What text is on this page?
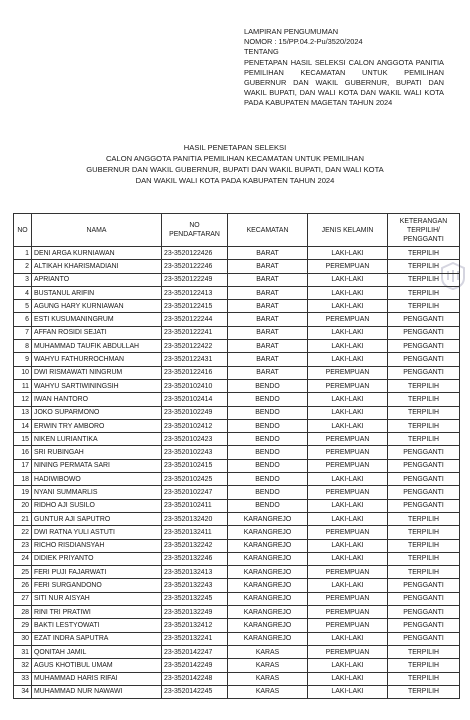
LAMPIRAN PENGUMUMAN
NOMOR : 15/PP.04.2-Pu/3520/2024
TENTANG
PENETAPAN HASIL SELEKSI CALON ANGGOTA PANITIA PEMILIHAN KECAMATAN UNTUK PEMILIHAN GUBERNUR DAN WAKIL GUBERNUR, BUPATI DAN WAKIL BUPATI, DAN WALI KOTA DAN WAKIL WALI KOTA PADA KABUPATEN MAGETAN TAHUN 2024
HASIL PENETAPAN SELEKSI
CALON ANGGOTA PANITIA PEMILIHAN KECAMATAN UNTUK PEMILIHAN
GUBERNUR DAN WAKIL GUBERNUR, BUPATI DAN WAKIL BUPATI, DAN WALI KOTA
DAN WAKIL WALI KOTA PADA KABUPATEN TAHUN 2024
NO	NAMA	NO PENDAFTARAN	KECAMATAN	JENIS KELAMIN	KETERANGAN TERPILIH/ PENGGANTI
1	DENI ARGA KURNIAWAN	23-3520122426	BARAT	LAKI-LAKI	TERPILIH
2	ALTIKAH KHARISMADIANI	23-3520122246	BARAT	PEREMPUAN	TERPILIH
3	APRIANTO	23-3520122249	BARAT	LAKI-LAKI	TERPILIH
4	BUSTANUL ARIFIN	23-3520122413	BARAT	LAKI-LAKI	TERPILIH
5	AGUNG HARY KURNIAWAN	23-3520122415	BARAT	LAKI-LAKI	TERPILIH
6	ESTI KUSUMANINGRUM	23-3520122244	BARAT	PEREMPUAN	PENGGANTI
7	AFFAN ROSIDI SEJATI	23-3520122241	BARAT	LAKI-LAKI	PENGGANTI
8	MUHAMMAD TAUFIK ABDULLAH	23-3520122422	BARAT	LAKI-LAKI	PENGGANTI
9	WAHYU FATHURROCHMAN	23-3520122431	BARAT	LAKI-LAKI	PENGGANTI
10	DWI RISMAWATI NINGRUM	23-3520122416	BARAT	PEREMPUAN	PENGGANTI
11	WAHYU SARTIWININGSIH	23-3520102410	BENDO	PEREMPUAN	TERPILIH
12	IWAN HANTORO	23-3520102414	BENDO	LAKI-LAKI	TERPILIH
13	JOKO SUPARMONO	23-3520102249	BENDO	LAKI-LAKI	TERPILIH
14	ERWIN TRY AMBORO	23-3520102412	BENDO	LAKI-LAKI	TERPILIH
15	NIKEN LURIANTIKA	23-3520102423	BENDO	PEREMPUAN	TERPILIH
16	SRI RUBINGAH	23-3520102243	BENDO	PEREMPUAN	PENGGANTI
17	NINING PERMATA SARI	23-3520102415	BENDO	PEREMPUAN	PENGGANTI
18	HADIWIBOWO	23-3520102425	BENDO	LAKI-LAKI	PENGGANTI
19	NYANI SUMMARLIS	23-3520102247	BENDO	PEREMPUAN	PENGGANTI
20	RIDHO AJI SUSILO	23-3520102411	BENDO	LAKI-LAKI	PENGGANTI
21	GUNTUR AJI SAPUTRO	23-3520132420	KARANGREJO	LAKI-LAKI	TERPILIH
22	DWI RATNA YULI ASTUTI	23-3520132411	KARANGREJO	PEREMPUAN	TERPILIH
23	RICHO RISDIANSYAH	23-3520132242	KARANGREJO	LAKI-LAKI	TERPILIH
24	DIDIEK PRIYANTO	23-3520132246	KARANGREJO	LAKI-LAKI	TERPILIH
25	FERI PUJI FAJARWATI	23-3520132413	KARANGREJO	PEREMPUAN	TERPILIH
26	FERI SURGANDONO	23-3520132243	KARANGREJO	LAKI-LAKI	PENGGANTI
27	SITI NUR AISYAH	23-3520132245	KARANGREJO	PEREMPUAN	PENGGANTI
28	RINI TRI PRATIWI	23-3520132249	KARANGREJO	PEREMPUAN	PENGGANTI
29	BAKTI LESTYOWATI	23-3520132412	KARANGREJO	PEREMPUAN	PENGGANTI
30	EZAT INDRA SAPUTRA	23-3520132241	KARANGREJO	LAKI-LAKI	PENGGANTI
31	QONITAH JAMIL	23-3520142247	KARAS	PEREMPUAN	TERPILIH
32	AGUS KHOTIBUL UMAM	23-3520142249	KARAS	LAKI-LAKI	TERPILIH
33	MUHAMMAD HARIS RIFAI	23-3520142248	KARAS	LAKI-LAKI	TERPILIH
34	MUHAMMAD NUR NAWAWI	23-3520142245	KARAS	LAKI-LAKI	TERPILIH
